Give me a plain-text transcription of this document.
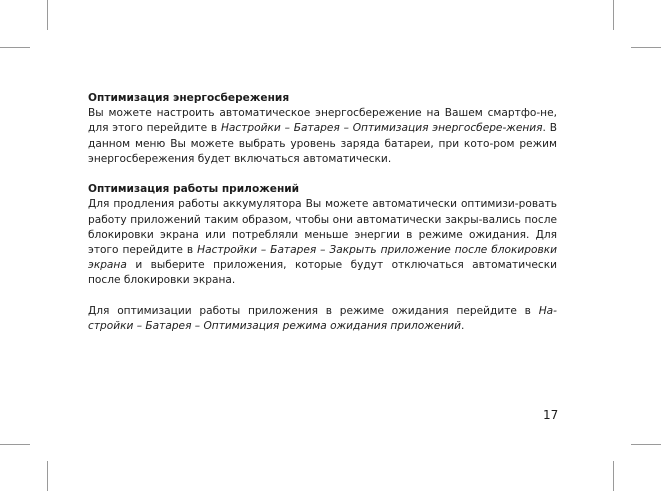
Оптимизация энергосбережения

Вы можете настроить автоматическое энергосбережение на Вашем смартфо-не, для этого перейдите в Настройки – Батарея – Оптимизация энергосбере-жения. В данном меню Вы можете выбрать уровень заряда батареи, при кото-ром режим энергосбережения будет включаться автоматически.

Оптимизация работы приложений

Для продления работы аккумулятора Вы можете автоматически оптимизи-ровать работу приложений таким образом, чтобы они автоматически закры-вались после блокировки экрана или потребляли меньше энергии в режиме ожидания. Для этого перейдите в Настройки – Батарея – Закрыть приложение после блокировки экрана и выберите приложения, которые будут отключаться автоматически после блокировки экрана.

Для оптимизации работы приложения в режиме ожидания перейдите в На-стройки – Батарея – Оптимизация режима ожидания приложений.

17
